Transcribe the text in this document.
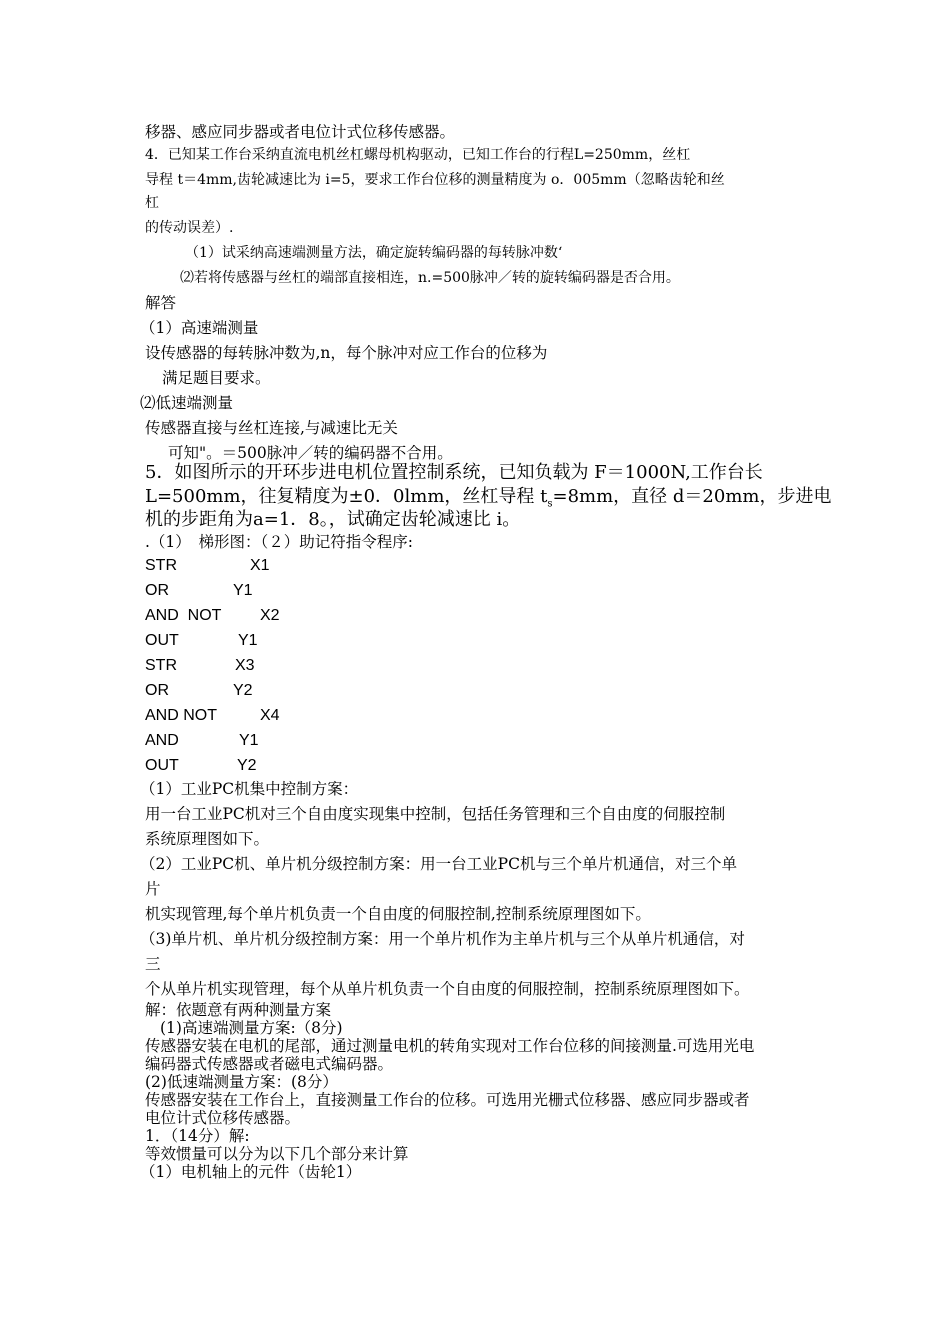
移器、感应同步器或者电位计式位移传感器。
4．已知某工作台采纳直流电机丝杠螺母机构驱动，已知工作台的行程L=250mm，丝杠
导程 t＝4mm,齿轮减速比为 i=5，要求工作台位移的测量精度为 o．005mm（忽略齿轮和丝
杠
的传动误差）.
（1）试采纳高速端测量方法，确定旋转编码器的每转脉冲数‘
⑵若将传感器与丝杠的端部直接相连，n.=500脉冲／转的旋转编码器是否合用。
解答
（1）高速端测量
设传感器的每转脉冲数为,n，每个脉冲对应工作台的位移为
满足题目要求。
⑵低速端测量
传感器直接与丝杠连接,与减速比无关
可知"。＝500脉冲／转的编码器不合用。
5．如图所示的开环步进电机位置控制系统，已知负载为 F＝1000N,工作台长
L=500mm，往复精度为±0．0lmm，丝杠导程 $t_s=8mm$，直径 d＝20mm，步进电
机的步距角为a=1．8。，试确定齿轮减速比 i。
.（1）　梯形图：（２）助记符指令程序:
STR	X1
OR	Y1
AND  NOT X2
OUT	Y1
STR	X3
OR	Y2
AND NOT	X4
AND	Y1
OUT	Y2
（1）工业PC机集中控制方案：
用一台工业PC机对三个自由度实现集中控制，包括任务管理和三个自由度的伺服控制
系统原理图如下。
（2）工业PC机、单片机分级控制方案：用一台工业PC机与三个单片机通信，对三个单
片
机实现管理,每个单片机负责一个自由度的伺服控制,控制系统原理图如下。
（3)单片机、单片机分级控制方案：用一个单片机作为主单片机与三个从单片机通信，对
三
个从单片机实现管理，每个从单片机负责一个自由度的伺服控制，控制系统原理图如下。
解：依题意有两种测量方案
(1)高速端测量方案:（8分)
传感器安装在电机的尾部，通过测量电机的转角实现对工作台位移的间接测量.可选用光电
编码器式传感器或者磁电式编码器。
(2)低速端测量方案：(8分）
传感器安装在工作台上，直接测量工作台的位移。可选用光栅式位移器、感应同步器或者
电位计式位移传感器。
1．（14分）解:
等效惯量可以分为以下几个部分来计算
（1）电机轴上的元件（齿轮1）
